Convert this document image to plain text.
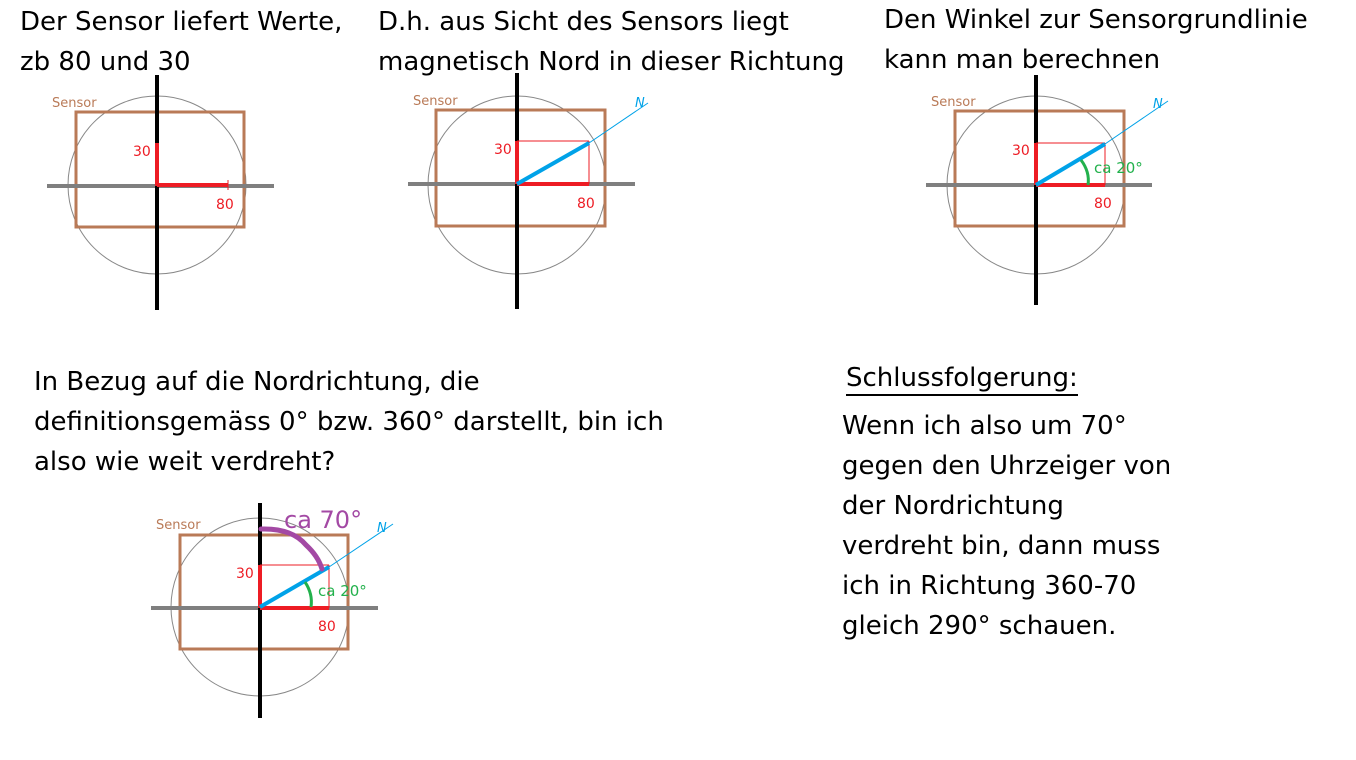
Der Sensor liefert Werte,
zb 80 und 30
D.h. aus Sicht des Sensors liegt
magnetisch Nord in dieser Richtung
Den Winkel zur Sensorgrundlinie
kann man berechnen
In Bezug auf die Nordrichtung, die
definitionsgemäss 0° bzw. 360° darstellt, bin ich
also wie weit verdreht?
Schlussfolgerung:
Wenn ich also um 70°
gegen den Uhrzeiger von
der Nordrichtung
verdreht bin, dann muss
ich in Richtung 360-70
gleich 290° schauen.
Sensor
30
80
Sensor
30
80
N	Sensor
30
80
N
ca 20°
Sensor
30
80
N
ca 20°
ca 70°
